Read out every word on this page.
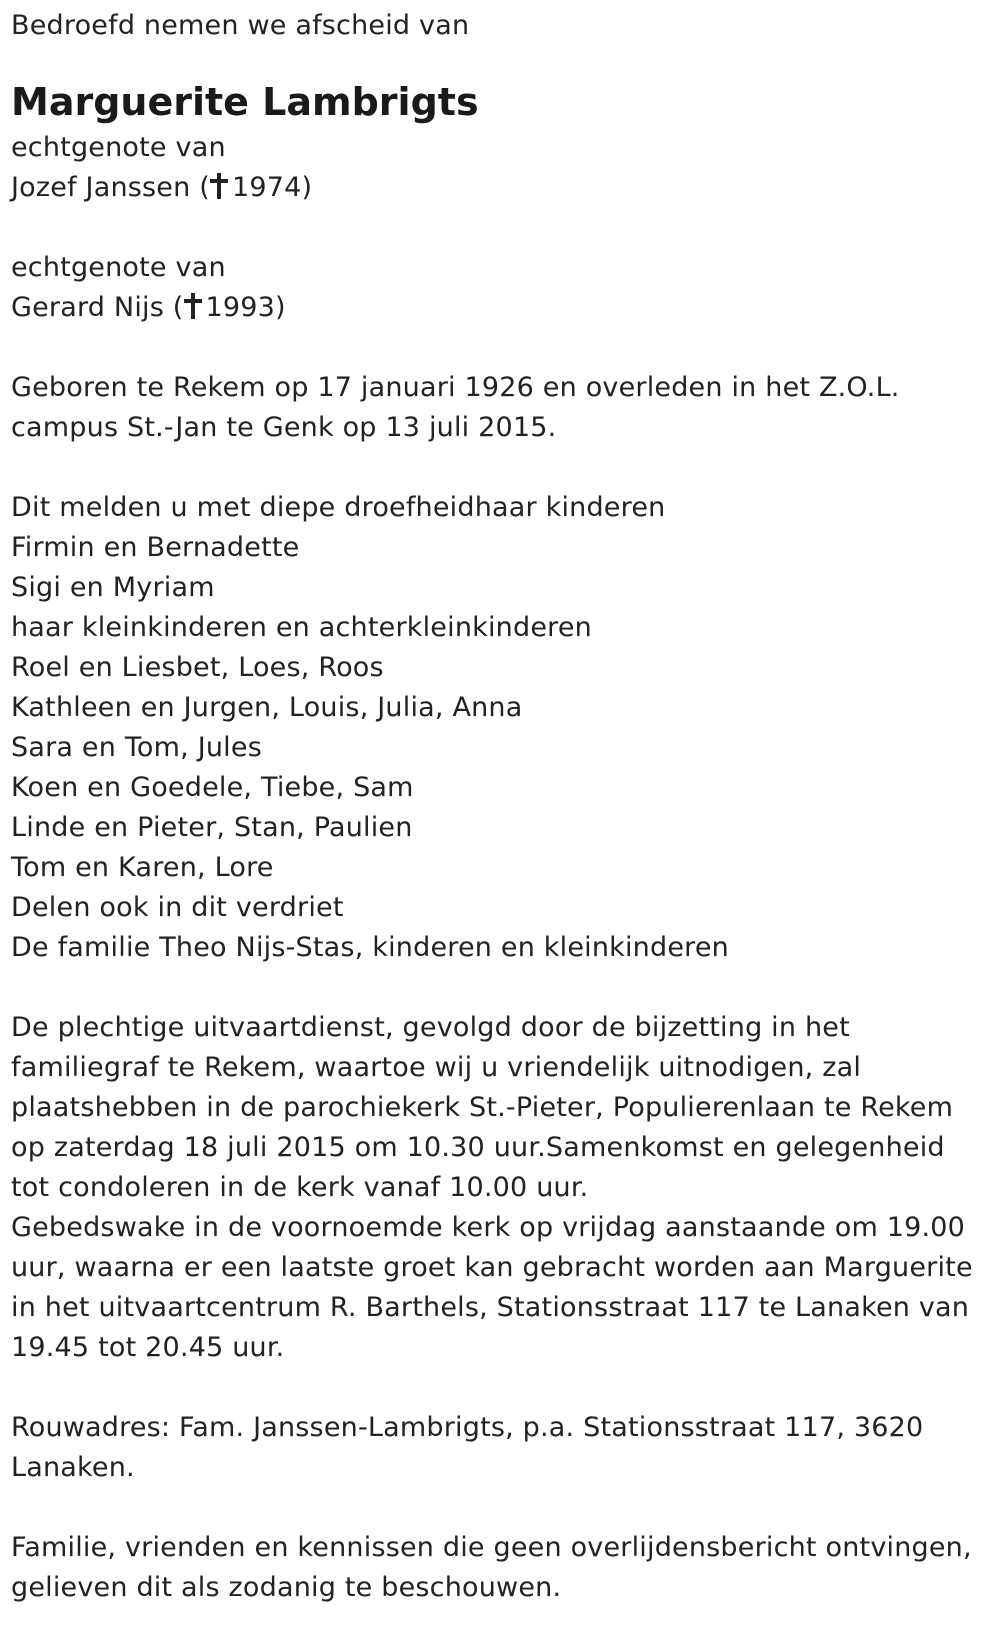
Bedroefd nemen we afscheid van
Marguerite Lambrigts
echtgenote van
Jozef Janssen ( 1974)
echtgenote van
Gerard Nijs ( 1993)
Geboren te Rekem op 17 januari 1926 en overleden in het Z.O.L. campus St.-Jan te Genk op 13 juli 2015.
Dit melden u met diepe droefheidhaar kinderen
Firmin en Bernadette
Sigi en Myriam
haar kleinkinderen en achterkleinkinderen
Roel en Liesbet, Loes, Roos
Kathleen en Jurgen, Louis, Julia, Anna
Sara en Tom, Jules
Koen en Goedele, Tiebe, Sam
Linde en Pieter, Stan, Paulien
Tom en Karen, Lore
Delen ook in dit verdriet
De familie Theo Nijs-Stas, kinderen en kleinkinderen
De plechtige uitvaartdienst, gevolgd door de bijzetting in het familiegraf te Rekem, waartoe wij u vriendelijk uitnodigen, zal plaatshebben in de parochiekerk St.-Pieter, Populierenlaan te Rekem op zaterdag 18 juli 2015 om 10.30 uur.Samenkomst en gelegenheid tot condoleren in de kerk vanaf 10.00 uur.
Gebedswake in de voornoemde kerk op vrijdag aanstaande om 19.00 uur, waarna er een laatste groet kan gebracht worden aan Marguerite in het uitvaartcentrum R. Barthels, Stationsstraat 117 te Lanaken van 19.45 tot 20.45 uur.
Rouwadres: Fam. Janssen-Lambrigts, p.a. Stationsstraat 117, 3620 Lanaken.
Familie, vrienden en kennissen die geen overlijdensbericht ontvingen, gelieven dit als zodanig te beschouwen.
